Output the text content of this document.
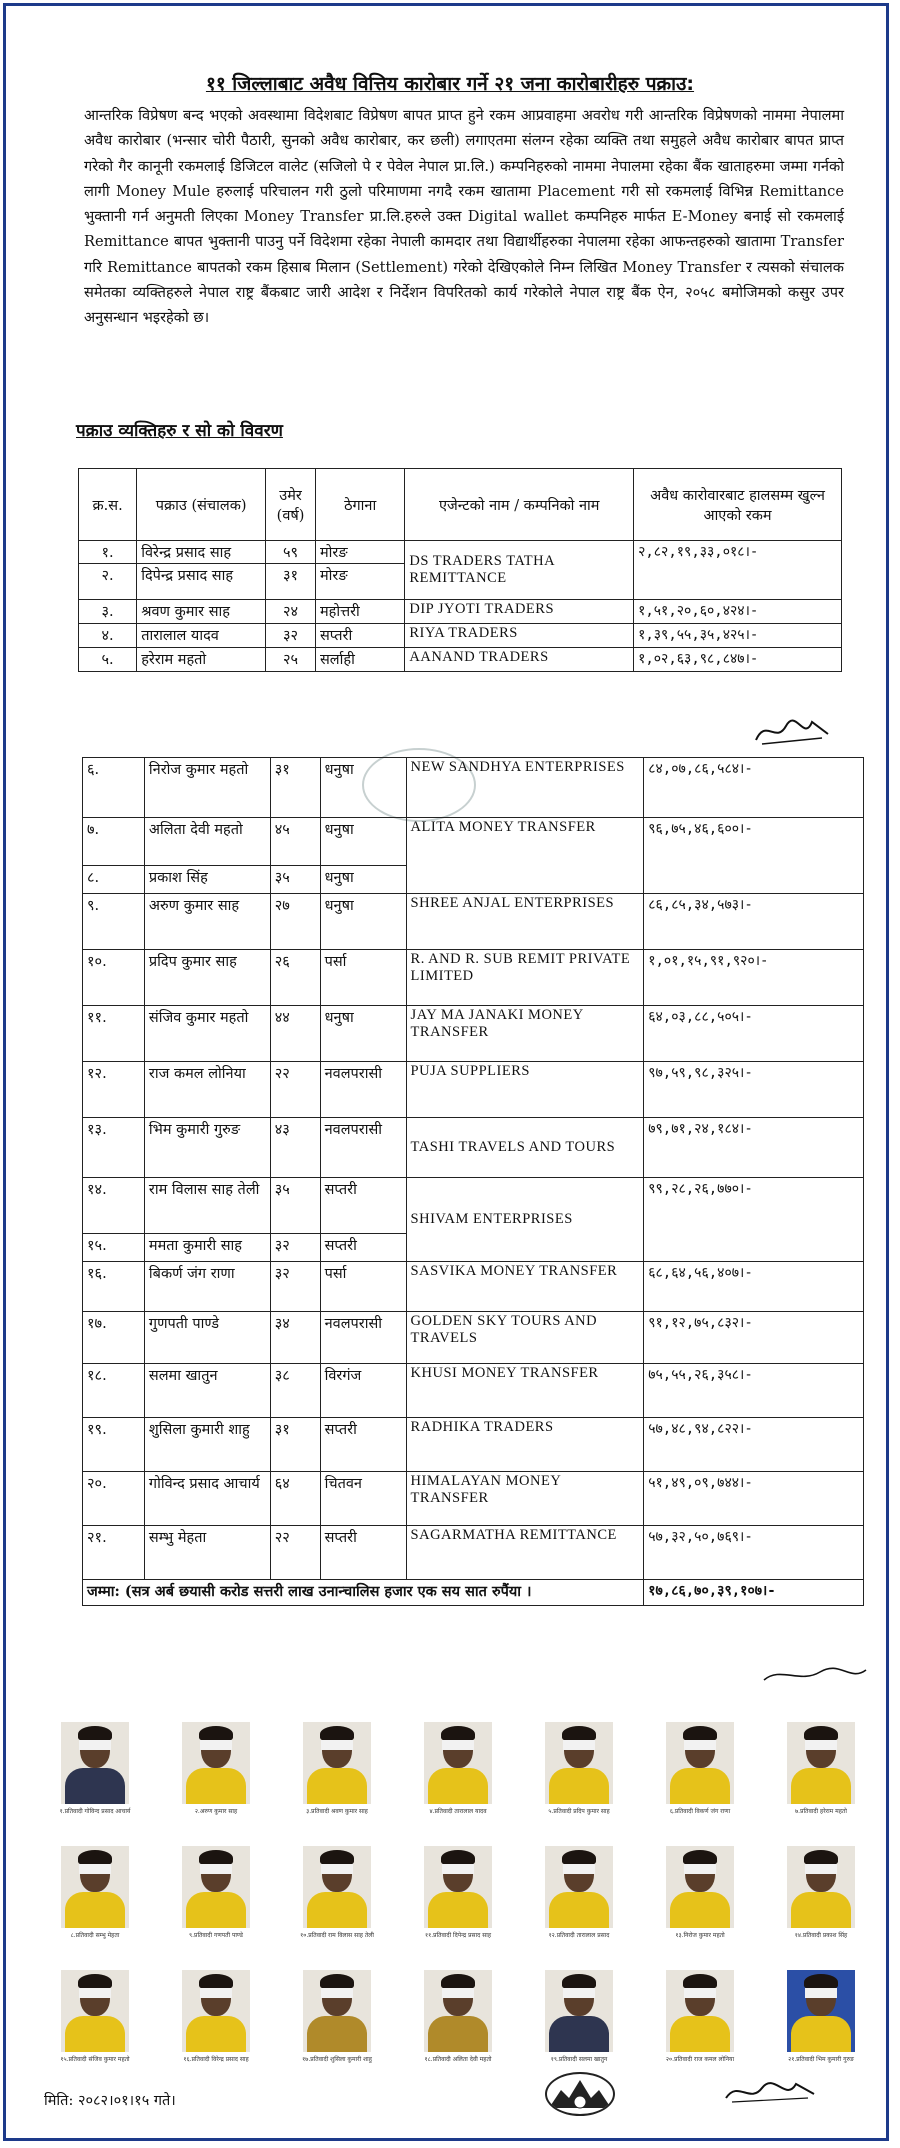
११ जिल्लाबाट अवैध वित्तिय कारोबार गर्ने २१ जना कारोबारीहरु पक्राउ:
आन्तरिक विप्रेषण बन्द भएको अवस्थामा विदेशबाट विप्रेषण बापत प्राप्त हुने रकम आप्रवाहमा अवरोध गरी आन्तरिक विप्रेषणको नाममा नेपालमा अवैध कारोबार (भन्सार चोरी पैठारी, सुनको अवैध कारोबार, कर छली) लगाएतमा संलग्न रहेका व्यक्ति तथा समुहले अवैध कारोबार बापत प्राप्त गरेको गैर कानूनी रकमलाई डिजिटल वालेट (सजिलो पे र पेवेल नेपाल प्रा.लि.) कम्पनिहरुको नाममा नेपालमा रहेका बैंक खाताहरुमा जम्मा गर्नको लागी Money Mule हरुलाई परिचालन गरी ठुलो परिमाणमा नगदै रकम खातामा Placement गरी सो रकमलाई विभिन्न Remittance भुक्तानी गर्न अनुमती लिएका Money Transfer प्रा.लि.हरुले उक्त Digital wallet कम्पनिहरु मार्फत E-Money बनाई सो रकमलाई Remittance बापत भुक्तानी पाउनु पर्ने विदेशमा रहेका नेपाली कामदार तथा विद्यार्थीहरुका नेपालमा रहेका आफन्तहरुको खातामा Transfer गरि Remittance बापतको रकम हिसाब मिलान (Settlement) गरेको देखिएकोले निम्न लिखित Money Transfer र त्यसको संचालक समेतका व्यक्तिहरुले नेपाल राष्ट्र बैंकबाट जारी आदेश र निर्देशन विपरितको कार्य गरेकोले नेपाल राष्ट्र बैंक ऐन, २०५८ बमोजिमको कसुर उपर अनुसन्धान भइरहेको छ।
पक्राउ व्यक्तिहरु र सो को विवरण
क्र.स.	पक्राउ (संचालक)	उमेर (वर्ष)	ठेगाना	एजेन्टको नाम / कम्पनिको नाम	अवैध कारोवारबाट हालसम्म खुल्न आएको रकम
१.	विरेन्द्र प्रसाद साह	५९	मोरङ	DS TRADERS TATHA REMITTANCE	२,८२,१९,३३,०१८।-
२.	दिपेन्द्र प्रसाद साह	३१	मोरङ		
३.	श्रवण कुमार साह	२४	महोत्तरी	DIP JYOTI TRADERS	१,५१,२०,६०,४२४।-
४.	तारालाल यादव	३२	सप्तरी	RIYA TRADERS	१,३९,५५,३५,४२५।-
५.	हरेराम महतो	२५	सर्लाही	AANAND TRADERS	१,०२,६३,९८,८४७।-
६.	निरोज कुमार महतो	३१	धनुषा	NEW SANDHYA ENTERPRISES	८४,०७,८६,५८४।-
७.	अलिता देवी महतो	४५	धनुषा	ALITA MONEY TRANSFER	९६,७५,४६,६००।-
८.	प्रकाश सिंह	३५	धनुषा		
९.	अरुण कुमार साह	२७	धनुषा	SHREE ANJAL ENTERPRISES	८६,८५,३४,५७३।-
१०.	प्रदिप कुमार साह	२६	पर्सा	R. AND R. SUB REMIT PRIVATE LIMITED	१,०१,१५,९१,९२०।-
११.	संजिव कुमार महतो	४४	धनुषा	JAY MA JANAKI MONEY TRANSFER	६४,०३,८८,५०५।-
१२.	राज कमल लोनिया	२२	नवलपरासी	PUJA SUPPLIERS	९७,५९,९८,३२५।-
१३.	भिम कुमारी गुरुङ	४३	नवलपरासी	TASHI TRAVELS AND TOURS	७९,७१,२४,१८४।-
१४.	राम विलास साह तेली	३५	सप्तरी	SHIVAM ENTERPRISES	९९,२८,२६,७७०।-
१५.	ममता कुमारी साह	३२	सप्तरी		
१६.	बिकर्ण जंग राणा	३२	पर्सा	SASVIKA MONEY TRANSFER	६८,६४,५६,४०७।-
१७.	गुणपती पाण्डे	३४	नवलपरासी	GOLDEN SKY TOURS AND TRAVELS	९१,१२,७५,८३२।-
१८.	सलमा खातुन	३८	विरगंज	KHUSI MONEY TRANSFER	७५,५५,२६,३५८।-
१९.	शुसिला कुमारी शाहु	३१	सप्तरी	RADHIKA TRADERS	५७,४८,९४,८२२।-
२०.	गोविन्द प्रसाद आचार्य	६४	चितवन	HIMALAYAN MONEY TRANSFER	५१,४९,०९,७४४।-
२१.	सम्भु मेहता	२२	सप्तरी	SAGARMATHA REMITTANCE	५७,३२,५०,७६९।-
जम्मा: (सत्र अर्ब छयासी करोड सत्तरी लाख उनान्चालिस हजार एक सय सात रुपैंया ।					१७,८६,७०,३९,१०७।-
१.प्रतिवादी गोविन्द प्रसाद आचार्य	२.अरुण कुमार साह	३.प्रतिवादी श्रवण कुमार साह	४.प्रतिवादी तारालाल यादव	५.प्रतिवादी प्रदिप कुमार साह	६.प्रतिवादी विकर्ण जंग राणा	७.प्रतिवादी हरेराम महतो
८.प्रतिवादी सम्भु मेहता	९.प्रतिवादी गणपती पाण्डे	१०.प्रतिवादी राम विलास साह तेली	११.प्रतिवादी दिपेन्द्र प्रसाद साह	१२.प्रतिवादी तारालाल प्रसाद	१३.निरोज कुमार महतो	१४.प्रतिवादी प्रकाश सिंह
१५.प्रतिवादी संजिव कुमार महतो	१६.प्रतिवादी विरेन्द्र प्रसाद साह	१७.प्रतिवादी शुसिला कुमारी शाहु	१८.प्रतिवादी अलिता देवी महतो	१९.प्रतिवादी सलमा खातुन	२०.प्रतिवादी राज कमल लोनिया	२१.प्रतिवादी भिम कुमारी गुरुङ
मिति: २०८२।०१।१५ गते।
